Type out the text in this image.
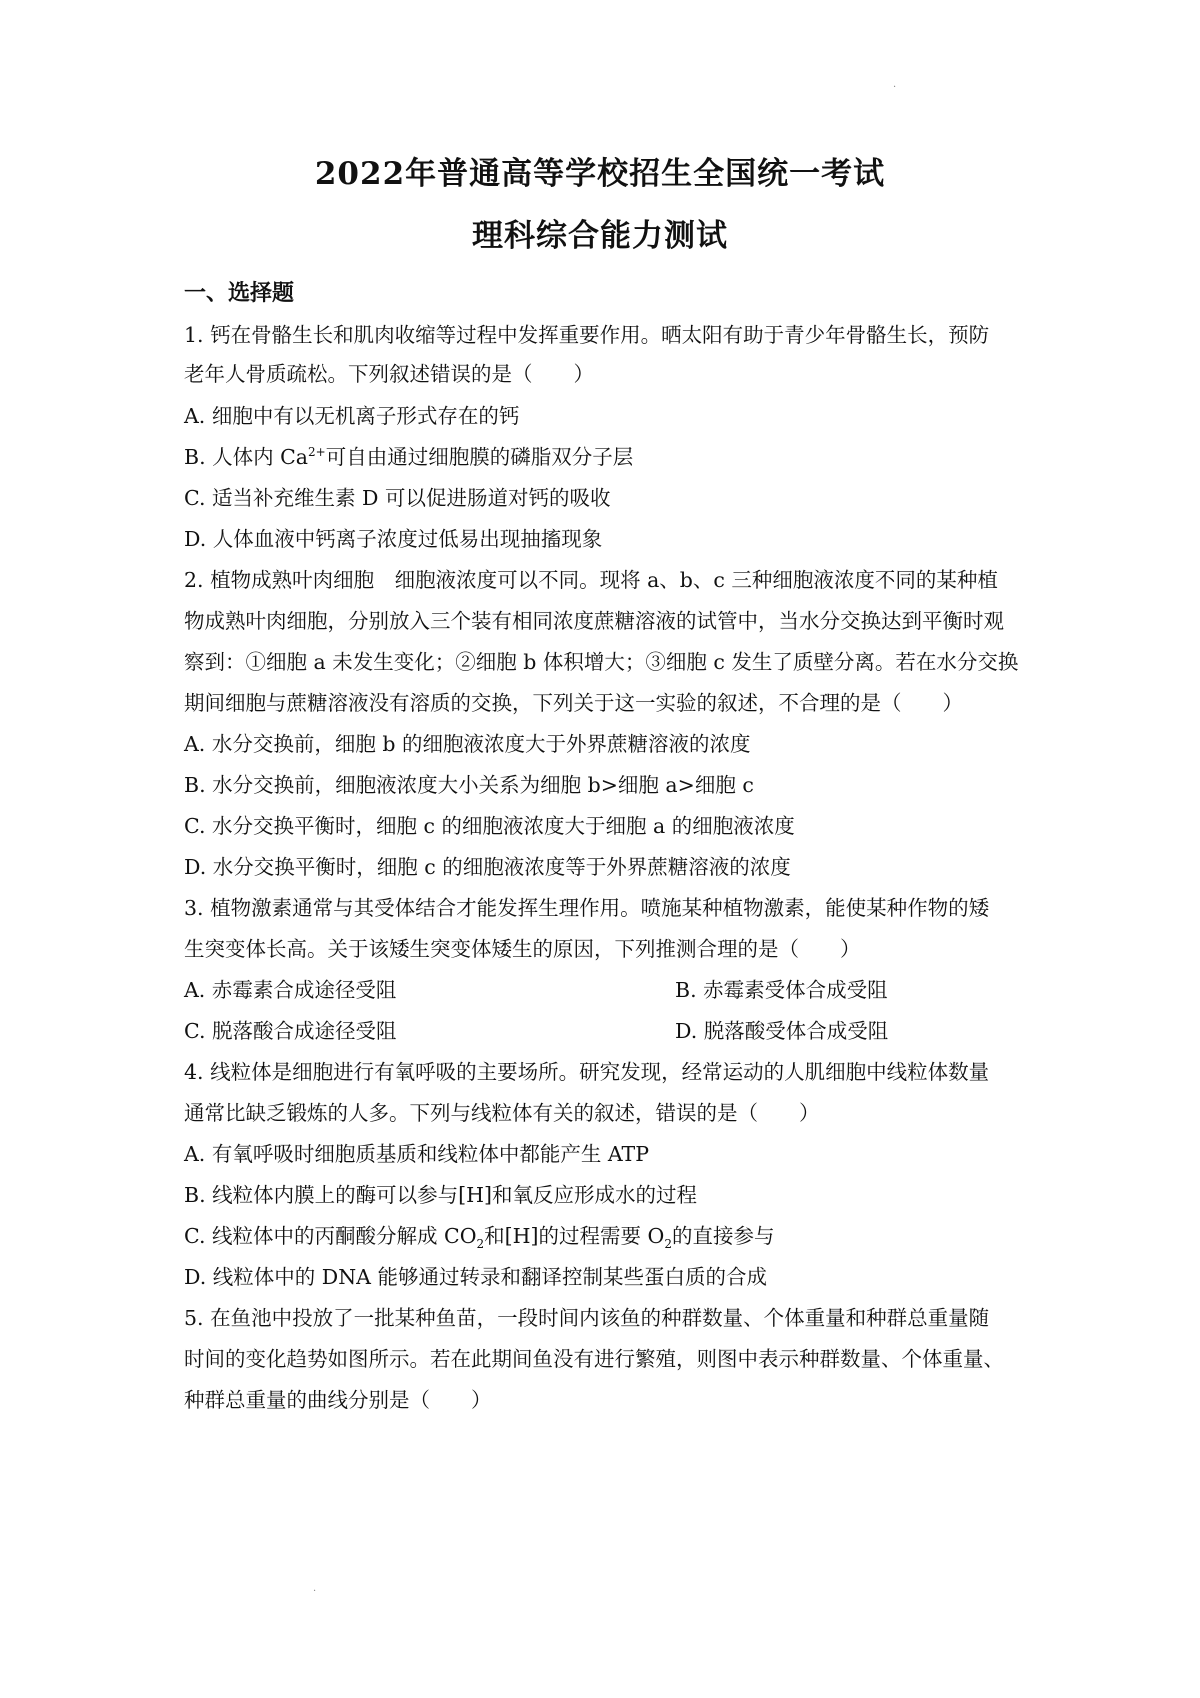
·
·
2022年普通高等学校招生全国统一考试
理科综合能力测试
一、选择题
1. 钙在骨骼生长和肌肉收缩等过程中发挥重要作用。晒太阳有助于青少年骨骼生长，预防
老年人骨质疏松。下列叙述错误的是（　　）
A. 细胞中有以无机离子形式存在的钙
B. 人体内 $Ca^{2+}$可自由通过细胞膜的磷脂双分子层
C. 适当补充维生素 D 可以促进肠道对钙的吸收
D. 人体血液中钙离子浓度过低易出现抽搐现象
2. 植物成熟叶肉细胞　细胞液浓度可以不同。现将 a、b、c 三种细胞液浓度不同的某种植
物成熟叶肉细胞，分别放入三个装有相同浓度蔗糖溶液的试管中，当水分交换达到平衡时观
察到：①细胞 a 未发生变化；②细胞 b 体积增大；③细胞 c 发生了质壁分离。若在水分交换
期间细胞与蔗糖溶液没有溶质的交换，下列关于这一实验的叙述，不合理的是（　　）
A. 水分交换前，细胞 b 的细胞液浓度大于外界蔗糖溶液的浓度
B. 水分交换前，细胞液浓度大小关系为细胞 b>细胞 a>细胞 c
C. 水分交换平衡时，细胞 c 的细胞液浓度大于细胞 a 的细胞液浓度
D. 水分交换平衡时，细胞 c 的细胞液浓度等于外界蔗糖溶液的浓度
3. 植物激素通常与其受体结合才能发挥生理作用。喷施某种植物激素，能使某种作物的矮
生突变体长高。关于该矮生突变体矮生的原因，下列推测合理的是（　　）
A. 赤霉素合成途径受阻	B. 赤霉素受体合成受阻
C. 脱落酸合成途径受阻	D. 脱落酸受体合成受阻
4. 线粒体是细胞进行有氧呼吸的主要场所。研究发现，经常运动的人肌细胞中线粒体数量
通常比缺乏锻炼的人多。下列与线粒体有关的叙述，错误的是（　　）
A. 有氧呼吸时细胞质基质和线粒体中都能产生 ATP
B. 线粒体内膜上的酶可以参与[H]和氧反应形成水的过程
C. 线粒体中的丙酮酸分解成 $CO_2$和[H]的过程需要 $O_2$的直接参与
D. 线粒体中的 DNA 能够通过转录和翻译控制某些蛋白质的合成
5. 在鱼池中投放了一批某种鱼苗，一段时间内该鱼的种群数量、个体重量和种群总重量随
时间的变化趋势如图所示。若在此期间鱼没有进行繁殖，则图中表示种群数量、个体重量、
种群总重量的曲线分别是（　　）
